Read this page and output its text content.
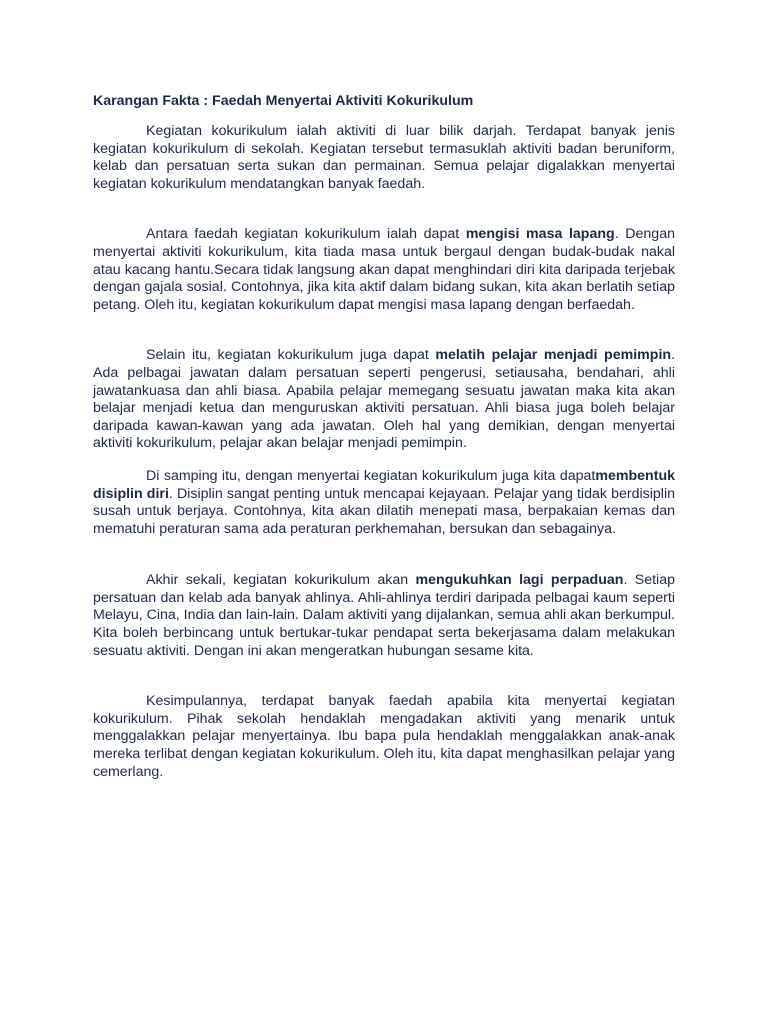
Karangan Fakta : Faedah Menyertai Aktiviti Kokurikulum

Kegiatan kokurikulum ialah aktiviti di luar bilik darjah. Terdapat banyak jenis kegiatan kokurikulum di sekolah. Kegiatan tersebut termasuklah aktiviti badan beruniform, kelab dan persatuan serta sukan dan permainan. Semua pelajar digalakkan menyertai kegiatan kokurikulum mendatangkan banyak faedah.

Antara faedah kegiatan kokurikulum ialah dapat mengisi masa lapang. Dengan menyertai aktiviti kokurikulum, kita tiada masa untuk bergaul dengan budak-budak nakal atau kacang hantu.Secara tidak langsung akan dapat menghindari diri kita daripada terjebak dengan gajala sosial. Contohnya, jika kita aktif dalam bidang sukan, kita akan berlatih setiap petang. Oleh itu, kegiatan kokurikulum dapat mengisi masa lapang dengan berfaedah.

Selain itu, kegiatan kokurikulum juga dapat melatih pelajar menjadi pemimpin. Ada pelbagai jawatan dalam persatuan seperti pengerusi, setiausaha, bendahari, ahli jawatankuasa dan ahli biasa. Apabila pelajar memegang sesuatu jawatan maka kita akan belajar menjadi ketua dan menguruskan aktiviti persatuan. Ahli biasa juga boleh belajar daripada kawan-kawan yang ada jawatan. Oleh hal yang demikian, dengan menyertai aktiviti kokurikulum, pelajar akan belajar menjadi pemimpin.

Di samping itu, dengan menyertai kegiatan kokurikulum juga kita dapatmembentuk disiplin diri. Disiplin sangat penting untuk mencapai kejayaan. Pelajar yang tidak berdisiplin susah untuk berjaya. Contohnya, kita akan dilatih menepati masa, berpakaian kemas dan mematuhi peraturan sama ada peraturan perkhemahan, bersukan dan sebagainya.

Akhir sekali, kegiatan kokurikulum akan mengukuhkan lagi perpaduan. Setiap persatuan dan kelab ada banyak ahlinya. Ahli-ahlinya terdiri daripada pelbagai kaum seperti Melayu, Cina, India dan lain-lain. Dalam aktiviti yang dijalankan, semua ahli akan berkumpul. Kita boleh berbincang untuk bertukar-tukar pendapat serta bekerjasama dalam melakukan sesuatu aktiviti. Dengan ini akan mengeratkan hubungan sesame kita.

Kesimpulannya, terdapat banyak faedah apabila kita menyertai kegiatan kokurikulum. Pihak sekolah hendaklah mengadakan aktiviti yang menarik untuk menggalakkan pelajar menyertainya. Ibu bapa pula hendaklah menggalakkan anak-anak mereka terlibat dengan kegiatan kokurikulum. Oleh itu, kita dapat menghasilkan pelajar yang cemerlang.
